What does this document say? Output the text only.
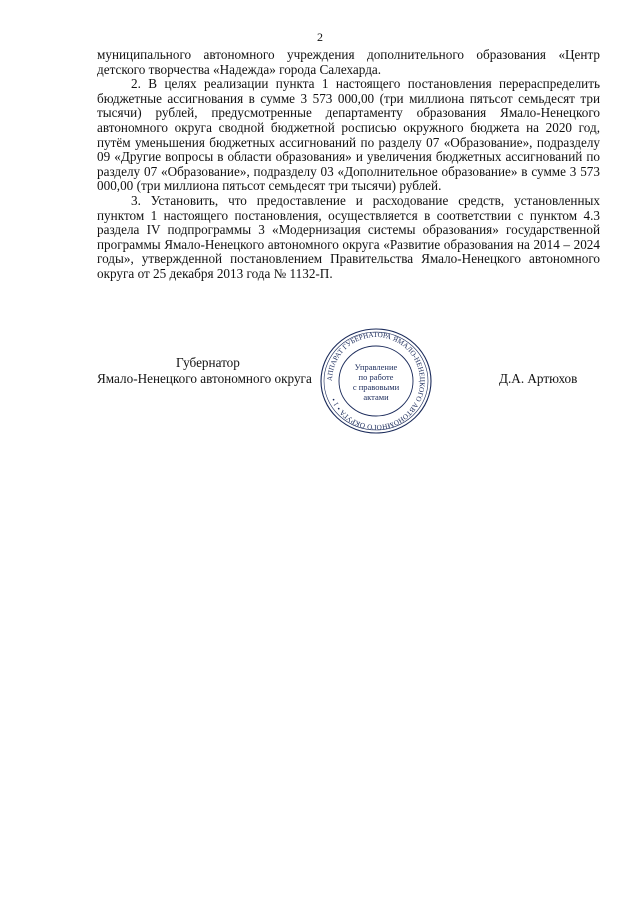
2

муниципального автономного учреждения дополнительного образования «Центр детского творчества «Надежда» города Салехарда.

2. В целях реализации пункта 1 настоящего постановления перераспределить бюджетные ассигнования в сумме 3 573 000,00 (три миллиона пятьсот семьдесят три тысячи) рублей, предусмотренные департаменту образования Ямало-Ненецкого автономного округа сводной бюджетной росписью окружного бюджета на 2020 год, путём уменьшения бюджетных ассигнований по разделу 07 «Образование», подразделу 09 «Другие вопросы в области образования» и увеличения бюджетных ассигнований по разделу 07 «Образование», подразделу 03 «Дополнительное образование» в сумме 3 573 000,00 (три миллиона пятьсот семьдесят три тысячи) рублей.

3. Установить, что предоставление и расходование средств, установленных пунктом 1 настоящего постановления, осуществляется в соответствии с пунктом 4.3 раздела IV подпрограммы 3 «Модернизация системы образования» государственной программы Ямало-Ненецкого автономного округа «Развитие образования на 2014 – 2024 годы», утвержденной постановлением Правительства Ямало-Ненецкого автономного округа от 25 декабря 2013 года № 1132-П.

Губернатор
Ямало-Ненецкого автономного округа	Д.А. Артюхов
АППАРАТ ГУБЕРНАТОРА ЯМАЛО-НЕНЕЦКОГО АВТОНОМНОГО ОКРУГА • 1 •
Управление
по работе
с правовыми
актами
